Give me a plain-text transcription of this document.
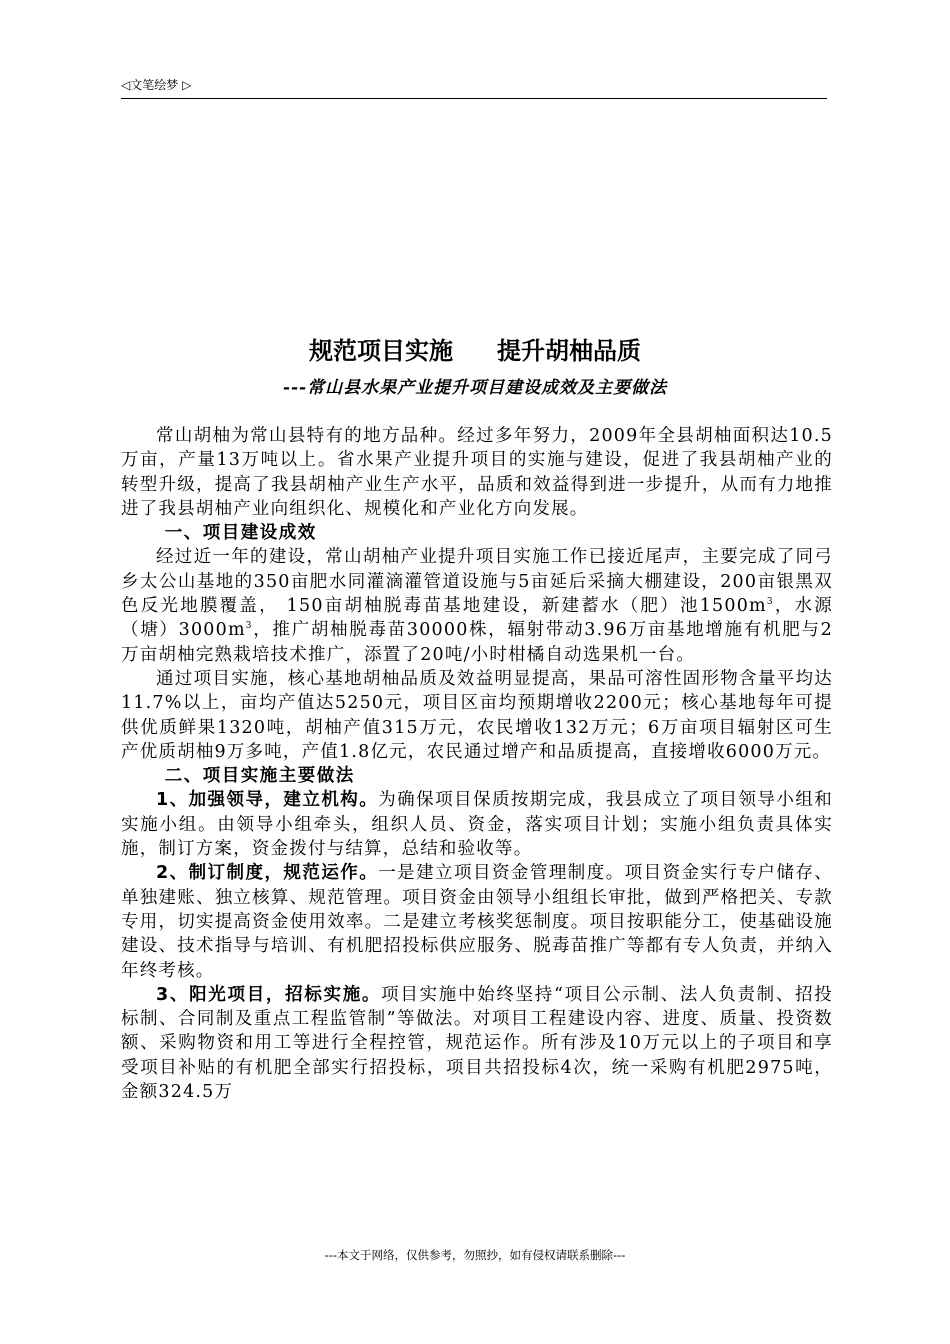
◁文笔绘梦 ▷
规范项目实施 提升胡柚品质
---常山县水果产业提升项目建设成效及主要做法

常山胡柚为常山县特有的地方品种。经过多年努力，2009年全县胡柚面积达10.5万亩，产量13万吨以上。省水果产业提升项目的实施与建设，促进了我县胡柚产业的转型升级，提高了我县胡柚产业生产水平，品质和效益得到进一步提升，从而有力地推进了我县胡柚产业向组织化、规模化和产业化方向发展。

一、项目建设成效

经过近一年的建设，常山胡柚产业提升项目实施工作已接近尾声，主要完成了同弓乡太公山基地的350亩肥水同灌滴灌管道设施与5亩延后采摘大棚建设，200亩银黑双色反光地膜覆盖， 150亩胡柚脱毒苗基地建设，新建蓄水（肥）池$1500m^3$，水源（塘）$3000m^3$，推广胡柚脱毒苗30000株，辐射带动3.96万亩基地增施有机肥与2万亩胡柚完熟栽培技术推广，添置了20吨/小时柑橘自动选果机一台。

通过项目实施，核心基地胡柚品质及效益明显提高，果品可溶性固形物含量平均达11.7%以上，亩均产值达5250元，项目区亩均预期增收2200元；核心基地每年可提供优质鲜果1320吨，胡柚产值315万元，农民增收132万元；6万亩项目辐射区可生产优质胡柚9万多吨，产值1.8亿元，农民通过增产和品质提高，直接增收6000万元。

二、项目实施主要做法

1、加强领导，建立机构。为确保项目保质按期完成，我县成立了项目领导小组和实施小组。由领导小组牵头，组织人员、资金，落实项目计划；实施小组负责具体实施，制订方案，资金拨付与结算，总结和验收等。

2、制订制度，规范运作。一是建立项目资金管理制度。项目资金实行专户储存、单独建账、独立核算、规范管理。项目资金由领导小组组长审批，做到严格把关、专款专用，切实提高资金使用效率。二是建立考核奖惩制度。项目按职能分工，使基础设施建设、技术指导与培训、有机肥招投标供应服务、脱毒苗推广等都有专人负责，并纳入年终考核。

3、阳光项目，招标实施。项目实施中始终坚持“项目公示制、法人负责制、招投标制、合同制及重点工程监管制”等做法。对项目工程建设内容、进度、质量、投资数额、采购物资和用工等进行全程控管，规范运作。所有涉及10万元以上的子项目和享受项目补贴的有机肥全部实行招投标，项目共招投标4次，统一采购有机肥2975吨，金额324.5万

---本文于网络，仅供参考，勿照抄，如有侵权请联系删除---
